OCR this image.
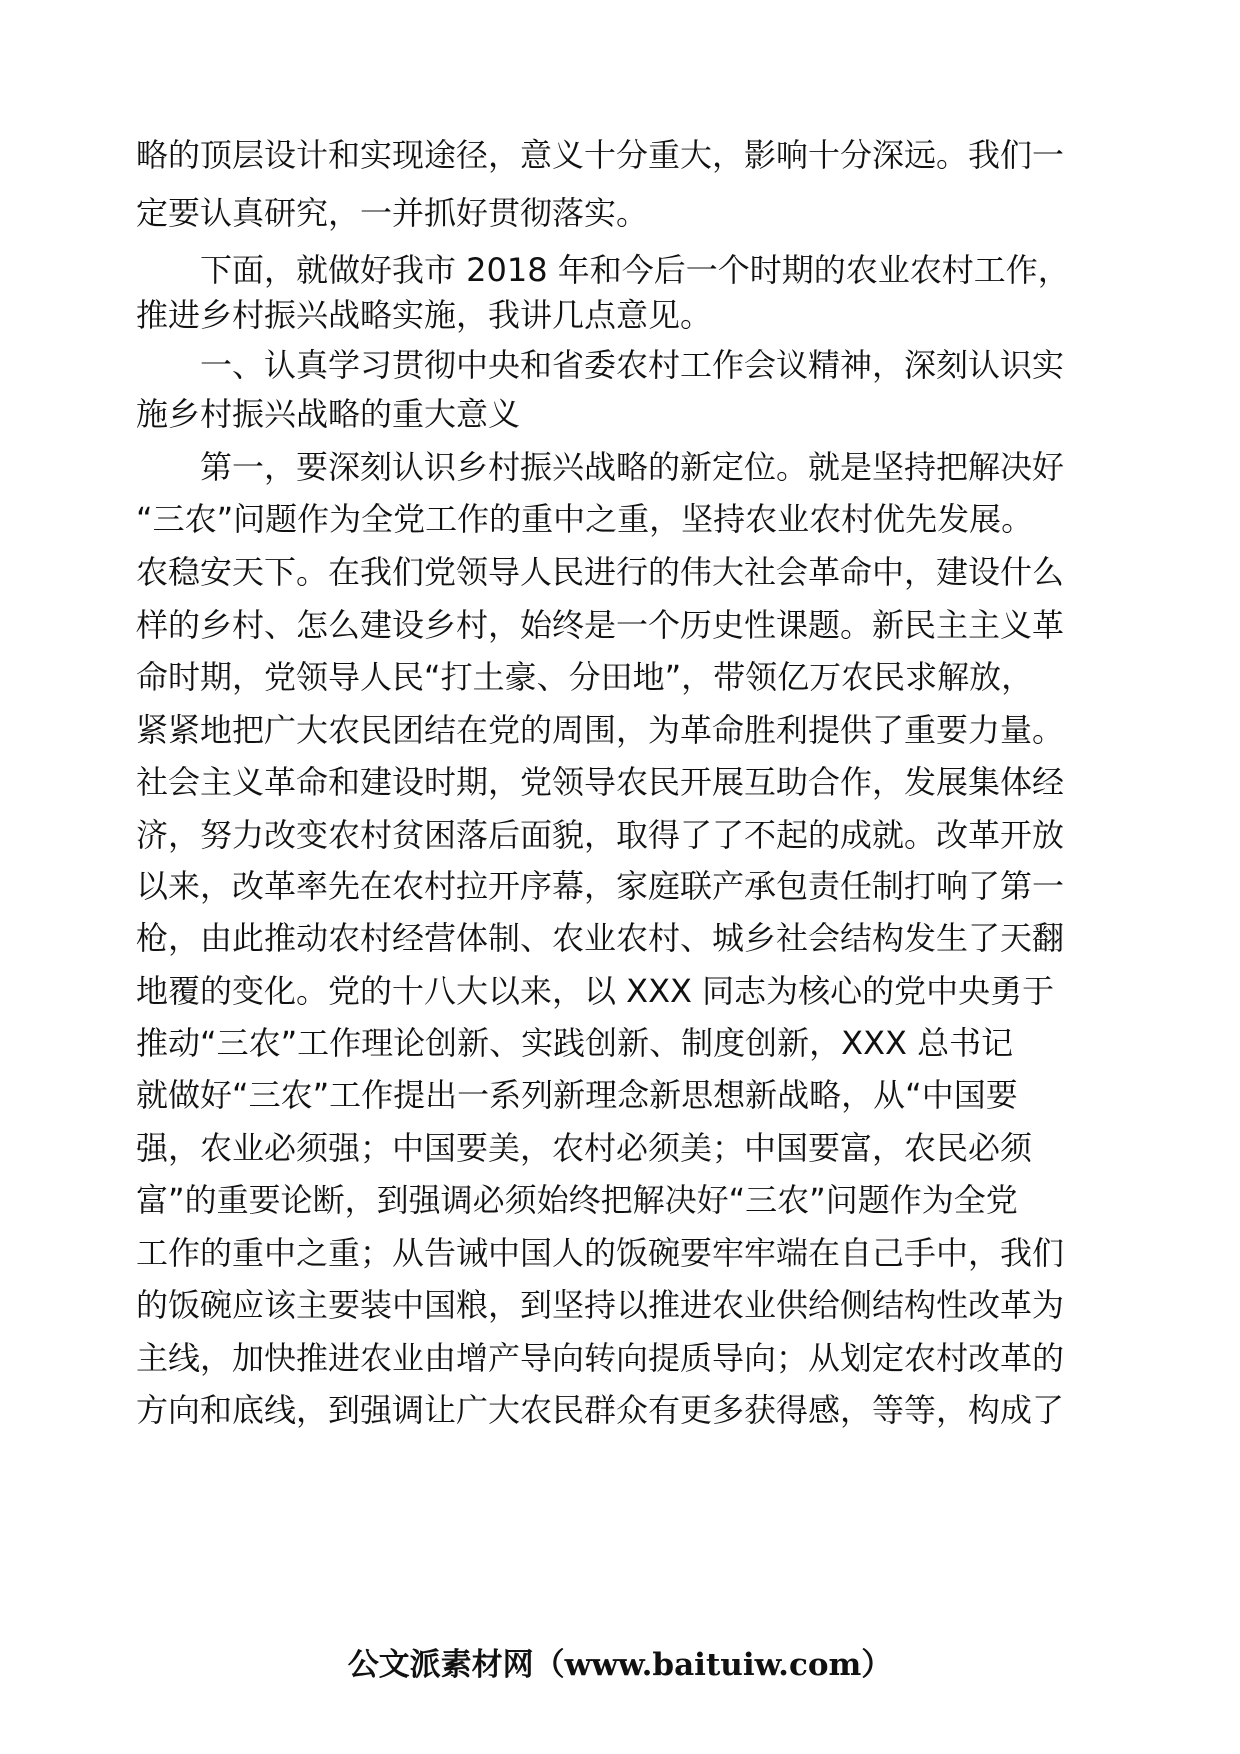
略的顶层设计和实现途径，意义十分重大，影响十分深远。我们一
定要认真研究，一并抓好贯彻落实。
下面，就做好我市 2018 年和今后一个时期的农业农村工作，
推进乡村振兴战略实施，我讲几点意见。
一、认真学习贯彻中央和省委农村工作会议精神，深刻认识实
施乡村振兴战略的重大意义
第一，要深刻认识乡村振兴战略的新定位。就是坚持把解决好
“三农”问题作为全党工作的重中之重，坚持农业农村优先发展。
农稳安天下。在我们党领导人民进行的伟大社会革命中，建设什么
样的乡村、怎么建设乡村，始终是一个历史性课题。新民主主义革
命时期，党领导人民“打土豪、分田地”，带领亿万农民求解放，
紧紧地把广大农民团结在党的周围，为革命胜利提供了重要力量。
社会主义革命和建设时期，党领导农民开展互助合作，发展集体经
济，努力改变农村贫困落后面貌，取得了了不起的成就。改革开放
以来，改革率先在农村拉开序幕，家庭联产承包责任制打响了第一
枪，由此推动农村经营体制、农业农村、城乡社会结构发生了天翻
地覆的变化。党的十八大以来，以 XXX 同志为核心的党中央勇于
推动“三农”工作理论创新、实践创新、制度创新，XXX 总书记
就做好“三农”工作提出一系列新理念新思想新战略，从“中国要
强，农业必须强；中国要美，农村必须美；中国要富，农民必须
富”的重要论断，到强调必须始终把解决好“三农”问题作为全党
工作的重中之重；从告诫中国人的饭碗要牢牢端在自己手中，我们
的饭碗应该主要装中国粮，到坚持以推进农业供给侧结构性改革为
主线，加快推进农业由增产导向转向提质导向；从划定农村改革的
方向和底线，到强调让广大农民群众有更多获得感，等等，构成了
公文派素材网（www.baituiw.com）
